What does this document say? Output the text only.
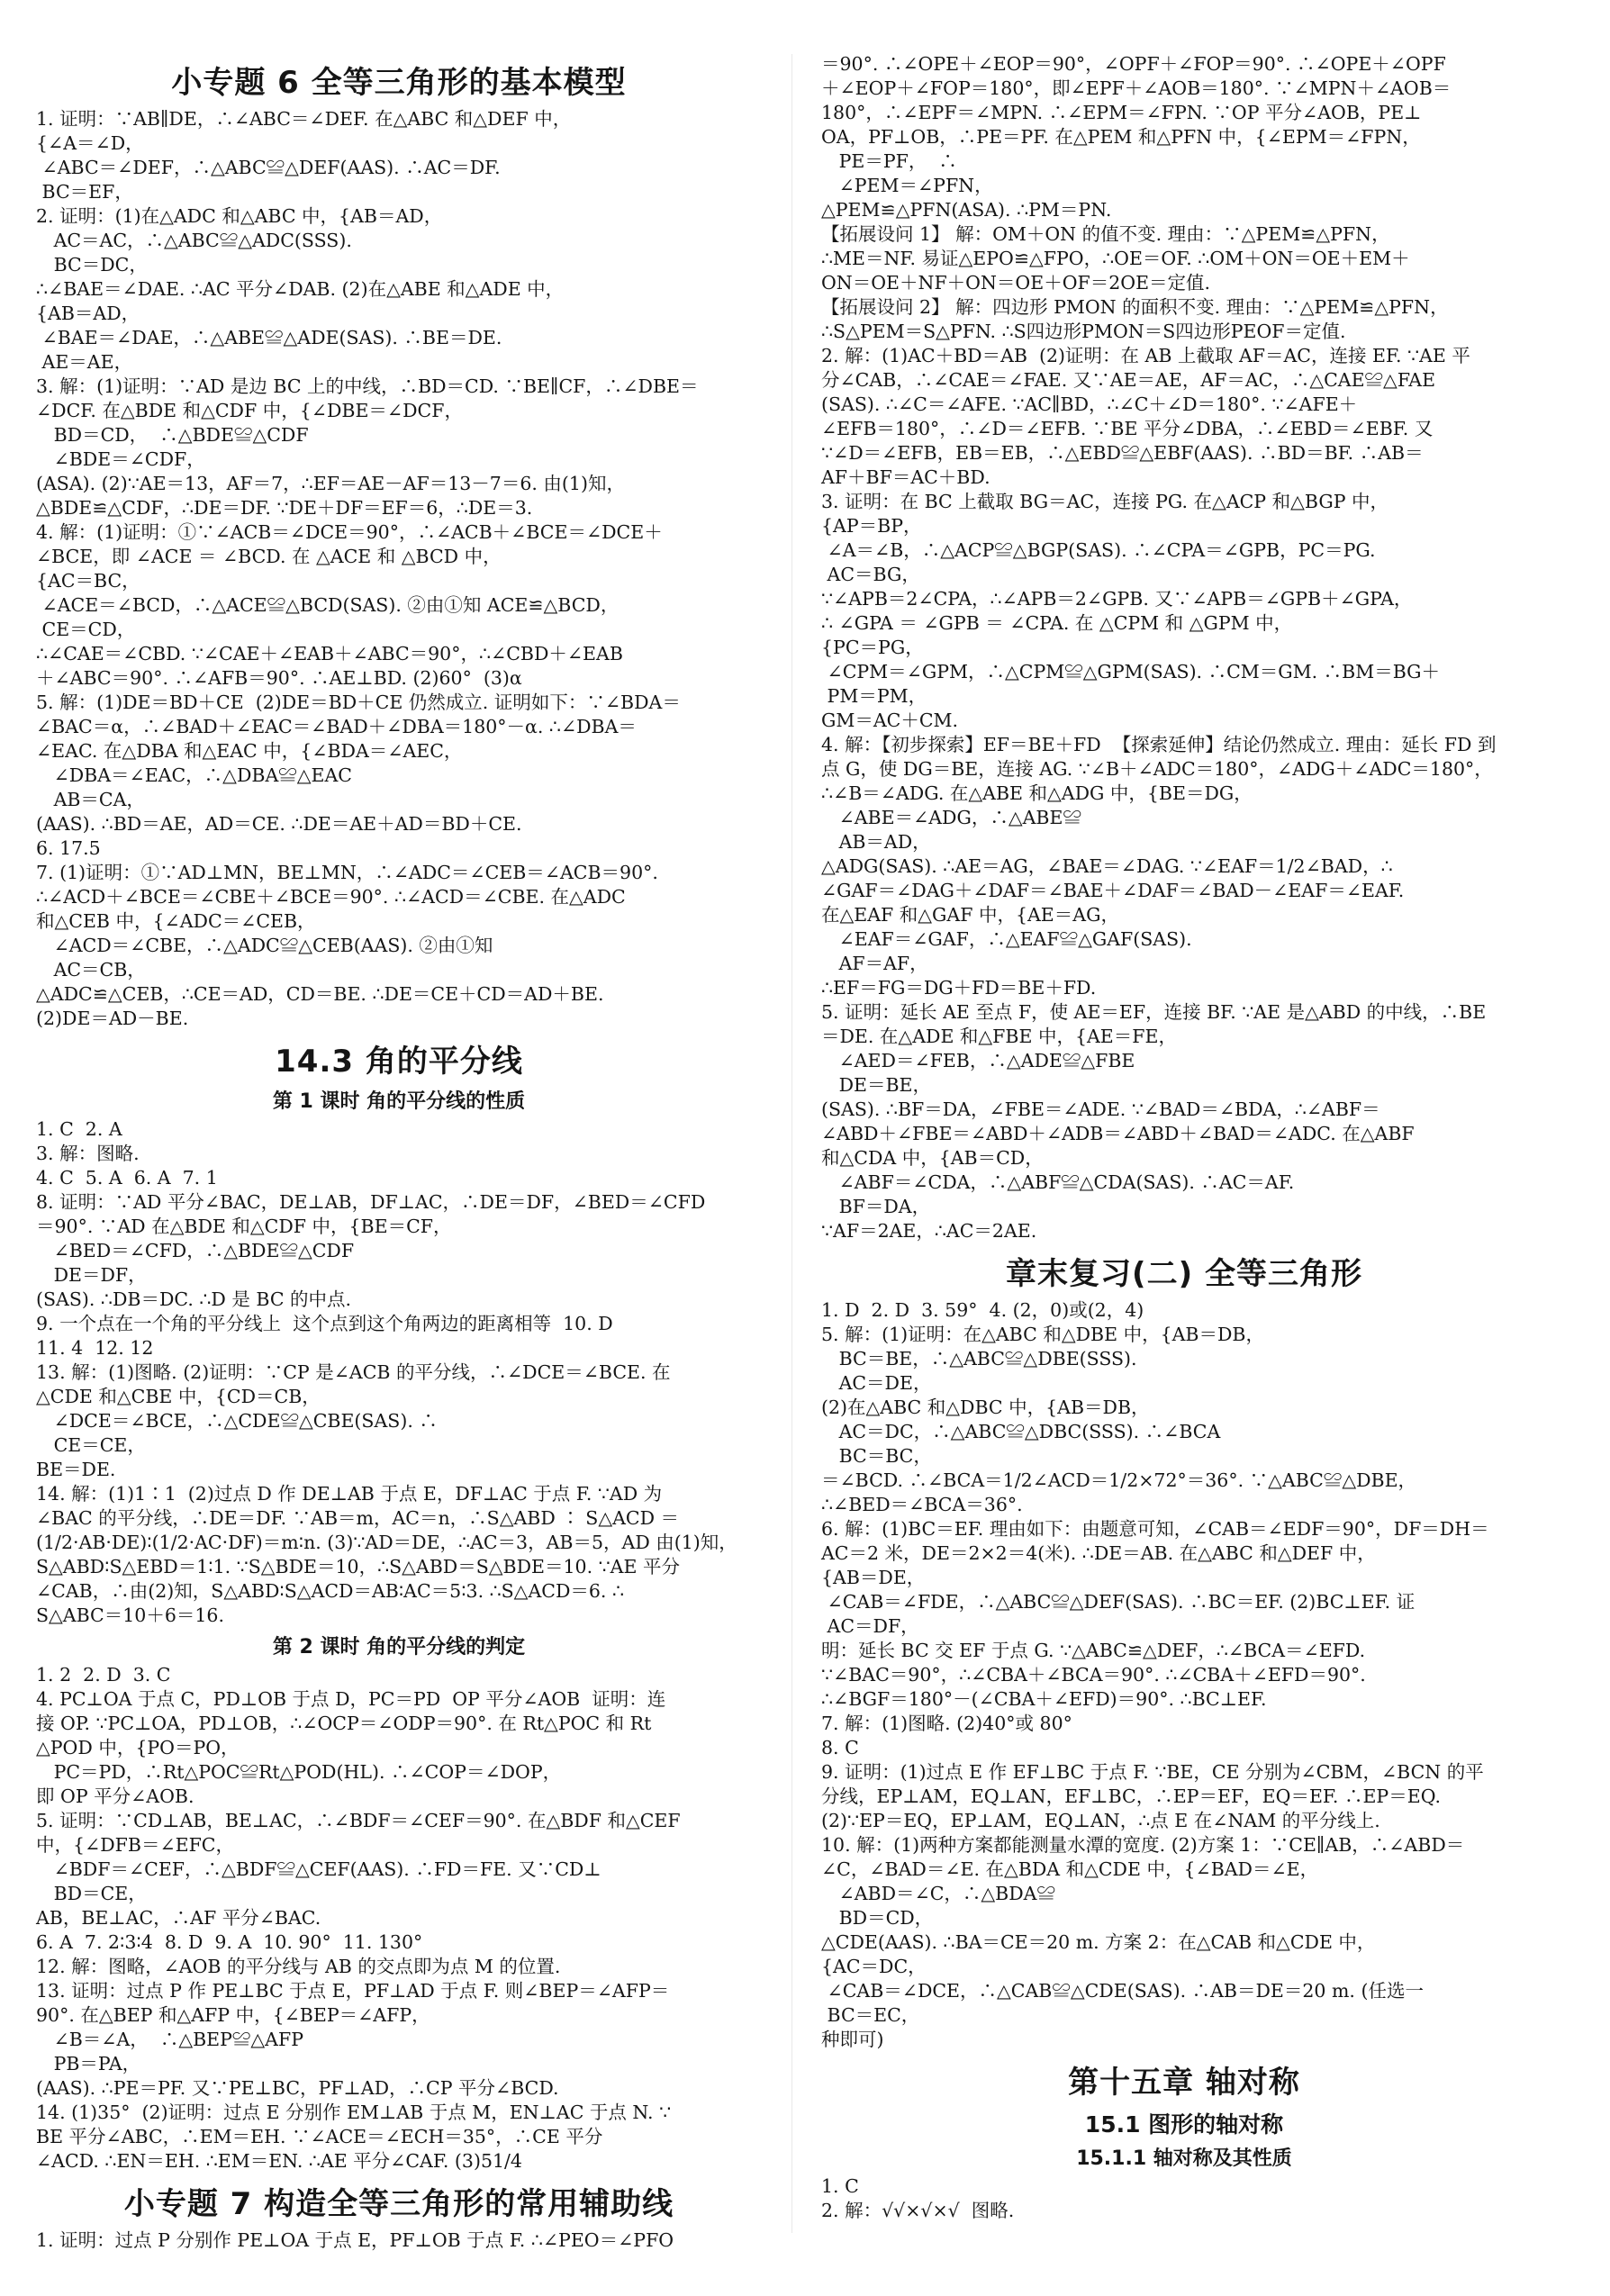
小专题 6 全等三角形的基本模型

1. 证明：∵AB∥DE，∴∠ABC＝∠DEF. 在△ABC 和△DEF 中，
{∠A＝∠D，
∠ABC＝∠DEF，∴△ABC≌△DEF(AAS). ∴AC＝DF.
BC＝EF，
2. 证明：(1)在△ADC 和△ABC 中，{AB＝AD，
AC＝AC，∴△ABC≌△ADC(SSS).
BC＝DC，
∴∠BAE＝∠DAE. ∴AC 平分∠DAB. (2)在△ABE 和△ADE 中，
{AB＝AD，
∠BAE＝∠DAE，∴△ABE≌△ADE(SAS). ∴BE＝DE.
AE＝AE，
3. 解：(1)证明：∵AD 是边 BC 上的中线，∴BD＝CD. ∵BE∥CF，∴∠DBE＝
∠DCF. 在△BDE 和△CDF 中，{∠DBE＝∠DCF，
BD＝CD，  ∴△BDE≌△CDF
∠BDE＝∠CDF，
(ASA). (2)∵AE＝13，AF＝7，∴EF＝AE－AF＝13－7＝6. 由(1)知，
△BDE≌△CDF，∴DE＝DF. ∵DE＋DF＝EF＝6，∴DE＝3.
4. 解：(1)证明：①∵∠ACB＝∠DCE＝90°，∴∠ACB＋∠BCE＝∠DCE＋
∠BCE，即 ∠ACE ＝ ∠BCD. 在 △ACE 和 △BCD 中，
{AC＝BC，
∠ACE＝∠BCD，∴△ACE≌△BCD(SAS). ②由①知 ACE≌△BCD，
CE＝CD，
∴∠CAE＝∠CBD. ∵∠CAE＋∠EAB＋∠ABC＝90°，∴∠CBD＋∠EAB
＋∠ABC＝90°. ∴∠AFB＝90°. ∴AE⊥BD. (2)60°  (3)α
5. 解：(1)DE＝BD＋CE  (2)DE＝BD＋CE 仍然成立. 证明如下：∵∠BDA＝
∠BAC＝α，∴∠BAD＋∠EAC＝∠BAD＋∠DBA＝180°－α. ∴∠DBA＝
∠EAC. 在△DBA 和△EAC 中，{∠BDA＝∠AEC，
∠DBA＝∠EAC，∴△DBA≌△EAC
AB＝CA，
(AAS). ∴BD＝AE，AD＝CE. ∴DE＝AE＋AD＝BD＋CE.
6. 17.5
7. (1)证明：①∵AD⊥MN，BE⊥MN，∴∠ADC＝∠CEB＝∠ACB＝90°.
∴∠ACD＋∠BCE＝∠CBE＋∠BCE＝90°. ∴∠ACD＝∠CBE. 在△ADC
和△CEB 中，{∠ADC＝∠CEB，
∠ACD＝∠CBE，∴△ADC≌△CEB(AAS). ②由①知
AC＝CB，
△ADC≌△CEB，∴CE＝AD，CD＝BE. ∴DE＝CE＋CD＝AD＋BE.
(2)DE＝AD－BE.

14.3 角的平分线
第 1 课时 角的平分线的性质

1. C  2. A
3. 解：图略.
4. C  5. A  6. A  7. 1
8. 证明：∵AD 平分∠BAC，DE⊥AB，DF⊥AC，∴DE＝DF，∠BED＝∠CFD
＝90°. ∵AD 在△BDE 和△CDF 中，{BE＝CF，
∠BED＝∠CFD，∴△BDE≌△CDF
DE＝DF，
(SAS). ∴DB＝DC. ∴D 是 BC 的中点.
9. 一个点在一个角的平分线上  这个点到这个角两边的距离相等  10. D
11. 4  12. 12
13. 解：(1)图略. (2)证明：∵CP 是∠ACB 的平分线，∴∠DCE＝∠BCE. 在
△CDE 和△CBE 中，{CD＝CB，
∠DCE＝∠BCE，∴△CDE≌△CBE(SAS). ∴
CE＝CE，
BE＝DE.
14. 解：(1)1∶1  (2)过点 D 作 DE⊥AB 于点 E，DF⊥AC 于点 F. ∵AD 为
∠BAC 的平分线，∴DE＝DF. ∵AB＝m，AC＝n，∴S△ABD ∶ S△ACD ＝
(1/2·AB·DE)∶(1/2·AC·DF)＝m∶n. (3)∵AD＝DE，∴AC＝3，AB＝5，AD 由(1)知，
S△ABD∶S△EBD＝1∶1. ∵S△BDE＝10，∴S△ABD＝S△BDE＝10. ∵AE 平分
∠CAB，∴由(2)知，S△ABD∶S△ACD＝AB∶AC＝5∶3. ∴S△ACD＝6. ∴
S△ABC＝10＋6＝16.

第 2 课时 角的平分线的判定

1. 2  2. D  3. C
4. PC⊥OA 于点 C，PD⊥OB 于点 D，PC＝PD  OP 平分∠AOB  证明：连
接 OP. ∵PC⊥OA，PD⊥OB，∴∠OCP＝∠ODP＝90°. 在 Rt△POC 和 Rt
△POD 中，{PO＝PO，
PC＝PD，∴Rt△POC≌Rt△POD(HL). ∴∠COP＝∠DOP，
即 OP 平分∠AOB.
5. 证明：∵CD⊥AB，BE⊥AC，∴∠BDF＝∠CEF＝90°. 在△BDF 和△CEF
中，{∠DFB＝∠EFC，
∠BDF＝∠CEF，∴△BDF≌△CEF(AAS). ∴FD＝FE. 又∵CD⊥
BD＝CE，
AB，BE⊥AC，∴AF 平分∠BAC.
6. A  7. 2∶3∶4  8. D  9. A  10. 90°  11. 130°
12. 解：图略，∠AOB 的平分线与 AB 的交点即为点 M 的位置.
13. 证明：过点 P 作 PE⊥BC 于点 E，PF⊥AD 于点 F. 则∠BEP＝∠AFP＝
90°. 在△BEP 和△AFP 中，{∠BEP＝∠AFP，
∠B＝∠A，  ∴△BEP≌△AFP
PB＝PA，
(AAS). ∴PE＝PF. 又∵PE⊥BC，PF⊥AD，∴CP 平分∠BCD.
14. (1)35°  (2)证明：过点 E 分别作 EM⊥AB 于点 M，EN⊥AC 于点 N. ∵
BE 平分∠ABC，∴EM＝EH. ∵∠ACE＝∠ECH＝35°，∴CE 平分
∠ACD. ∴EN＝EH. ∴EM＝EN. ∴AE 平分∠CAF. (3)51/4

小专题 7 构造全等三角形的常用辅助线

1. 证明：过点 P 分别作 PE⊥OA 于点 E，PF⊥OB 于点 F. ∴∠PEO＝∠PFO

＝90°. ∴∠OPE＋∠EOP＝90°，∠OPF＋∠FOP＝90°. ∴∠OPE＋∠OPF
＋∠EOP＋∠FOP＝180°，即∠EPF＋∠AOB＝180°. ∵∠MPN＋∠AOB＝
180°，∴∠EPF＝∠MPN. ∴∠EPM＝∠FPN. ∵OP 平分∠AOB，PE⊥
OA，PF⊥OB，∴PE＝PF. 在△PEM 和△PFN 中，{∠EPM＝∠FPN，
PE＝PF，  ∴
∠PEM＝∠PFN，
△PEM≌△PFN(ASA). ∴PM＝PN.
【拓展设问 1】 解：OM＋ON 的值不变. 理由：∵△PEM≌△PFN，
∴ME＝NF. 易证△EPO≌△FPO，∴OE＝OF. ∴OM＋ON＝OE＋EM＋
ON＝OE＋NF＋ON＝OE＋OF＝2OE＝定值.
【拓展设问 2】 解：四边形 PMON 的面积不变. 理由：∵△PEM≌△PFN，
∴S△PEM＝S△PFN. ∴S四边形PMON＝S四边形PEOF＝定值.
2. 解：(1)AC＋BD＝AB  (2)证明：在 AB 上截取 AF＝AC，连接 EF. ∵AE 平
分∠CAB，∴∠CAE＝∠FAE. 又∵AE＝AE，AF＝AC，∴△CAE≌△FAE
(SAS). ∴∠C＝∠AFE. ∵AC∥BD，∴∠C＋∠D＝180°. ∵∠AFE＋
∠EFB＝180°，∴∠D＝∠EFB. ∵BE 平分∠DBA，∴∠EBD＝∠EBF. 又
∵∠D＝∠EFB，EB＝EB，∴△EBD≌△EBF(AAS). ∴BD＝BF. ∴AB＝
AF＋BF＝AC＋BD.
3. 证明：在 BC 上截取 BG＝AC，连接 PG. 在△ACP 和△BGP 中，
{AP＝BP，
∠A＝∠B，∴△ACP≌△BGP(SAS). ∴∠CPA＝∠GPB，PC＝PG.
AC＝BG，
∵∠APB＝2∠CPA，∴∠APB＝2∠GPB. 又∵∠APB＝∠GPB＋∠GPA，
∴ ∠GPA ＝ ∠GPB ＝ ∠CPA. 在 △CPM 和 △GPM 中，
{PC＝PG，
∠CPM＝∠GPM，∴△CPM≌△GPM(SAS). ∴CM＝GM. ∴BM＝BG＋
PM＝PM，
GM＝AC＋CM.
4. 解：【初步探索】EF＝BE＋FD  【探索延伸】结论仍然成立. 理由：延长 FD 到
点 G，使 DG＝BE，连接 AG. ∵∠B＋∠ADC＝180°，∠ADG＋∠ADC＝180°，
∴∠B＝∠ADG. 在△ABE 和△ADG 中，{BE＝DG，
∠ABE＝∠ADG，∴△ABE≌
AB＝AD，
△ADG(SAS). ∴AE＝AG，∠BAE＝∠DAG. ∵∠EAF＝1/2∠BAD，∴
∠GAF＝∠DAG＋∠DAF＝∠BAE＋∠DAF＝∠BAD－∠EAF＝∠EAF.
在△EAF 和△GAF 中，{AE＝AG，
∠EAF＝∠GAF，∴△EAF≌△GAF(SAS).
AF＝AF，
∴EF＝FG＝DG＋FD＝BE＋FD.
5. 证明：延长 AE 至点 F，使 AE＝EF，连接 BF. ∵AE 是△ABD 的中线，∴BE
＝DE. 在△ADE 和△FBE 中，{AE＝FE，
∠AED＝∠FEB，∴△ADE≌△FBE
DE＝BE，
(SAS). ∴BF＝DA，∠FBE＝∠ADE. ∵∠BAD＝∠BDA，∴∠ABF＝
∠ABD＋∠FBE＝∠ABD＋∠ADB＝∠ABD＋∠BAD＝∠ADC. 在△ABF
和△CDA 中，{AB＝CD，
∠ABF＝∠CDA，∴△ABF≌△CDA(SAS). ∴AC＝AF.
BF＝DA，
∵AF＝2AE，∴AC＝2AE.

章末复习(二) 全等三角形

1. D  2. D  3. 59°  4. (2，0)或(2，4)
5. 解：(1)证明：在△ABC 和△DBE 中，{AB＝DB，
BC＝BE，∴△ABC≌△DBE(SSS).
AC＝DE，
(2)在△ABC 和△DBC 中，{AB＝DB，
AC＝DC，∴△ABC≌△DBC(SSS). ∴∠BCA
BC＝BC，
＝∠BCD. ∴∠BCA＝1/2∠ACD＝1/2×72°＝36°. ∵△ABC≌△DBE，
∴∠BED＝∠BCA＝36°.
6. 解：(1)BC＝EF. 理由如下：由题意可知，∠CAB＝∠EDF＝90°，DF＝DH＝
AC＝2 米，DE＝2×2＝4(米). ∴DE＝AB. 在△ABC 和△DEF 中，
{AB＝DE，
∠CAB＝∠FDE，∴△ABC≌△DEF(SAS). ∴BC＝EF. (2)BC⊥EF. 证
AC＝DF，
明：延长 BC 交 EF 于点 G. ∵△ABC≌△DEF，∴∠BCA＝∠EFD.
∵∠BAC＝90°，∴∠CBA＋∠BCA＝90°. ∴∠CBA＋∠EFD＝90°.
∴∠BGF＝180°－(∠CBA＋∠EFD)＝90°. ∴BC⊥EF.
7. 解：(1)图略. (2)40°或 80°
8. C
9. 证明：(1)过点 E 作 EF⊥BC 于点 F. ∵BE，CE 分别为∠CBM，∠BCN 的平
分线，EP⊥AM，EQ⊥AN，EF⊥BC，∴EP＝EF，EQ＝EF. ∴EP＝EQ.
(2)∵EP＝EQ，EP⊥AM，EQ⊥AN，∴点 E 在∠NAM 的平分线上.
10. 解：(1)两种方案都能测量水潭的宽度. (2)方案 1：∵CE∥AB，∴∠ABD＝
∠C，∠BAD＝∠E. 在△BDA 和△CDE 中，{∠BAD＝∠E，
∠ABD＝∠C，∴△BDA≌
BD＝CD，
△CDE(AAS). ∴BA＝CE＝20 m. 方案 2：在△CAB 和△CDE 中，
{AC＝DC，
∠CAB＝∠DCE，∴△CAB≌△CDE(SAS). ∴AB＝DE＝20 m. (任选一
BC＝EC，
种即可)

第十五章 轴对称
15.1 图形的轴对称
15.1.1 轴对称及其性质

1. C
2. 解：√√×√×√  图略.
